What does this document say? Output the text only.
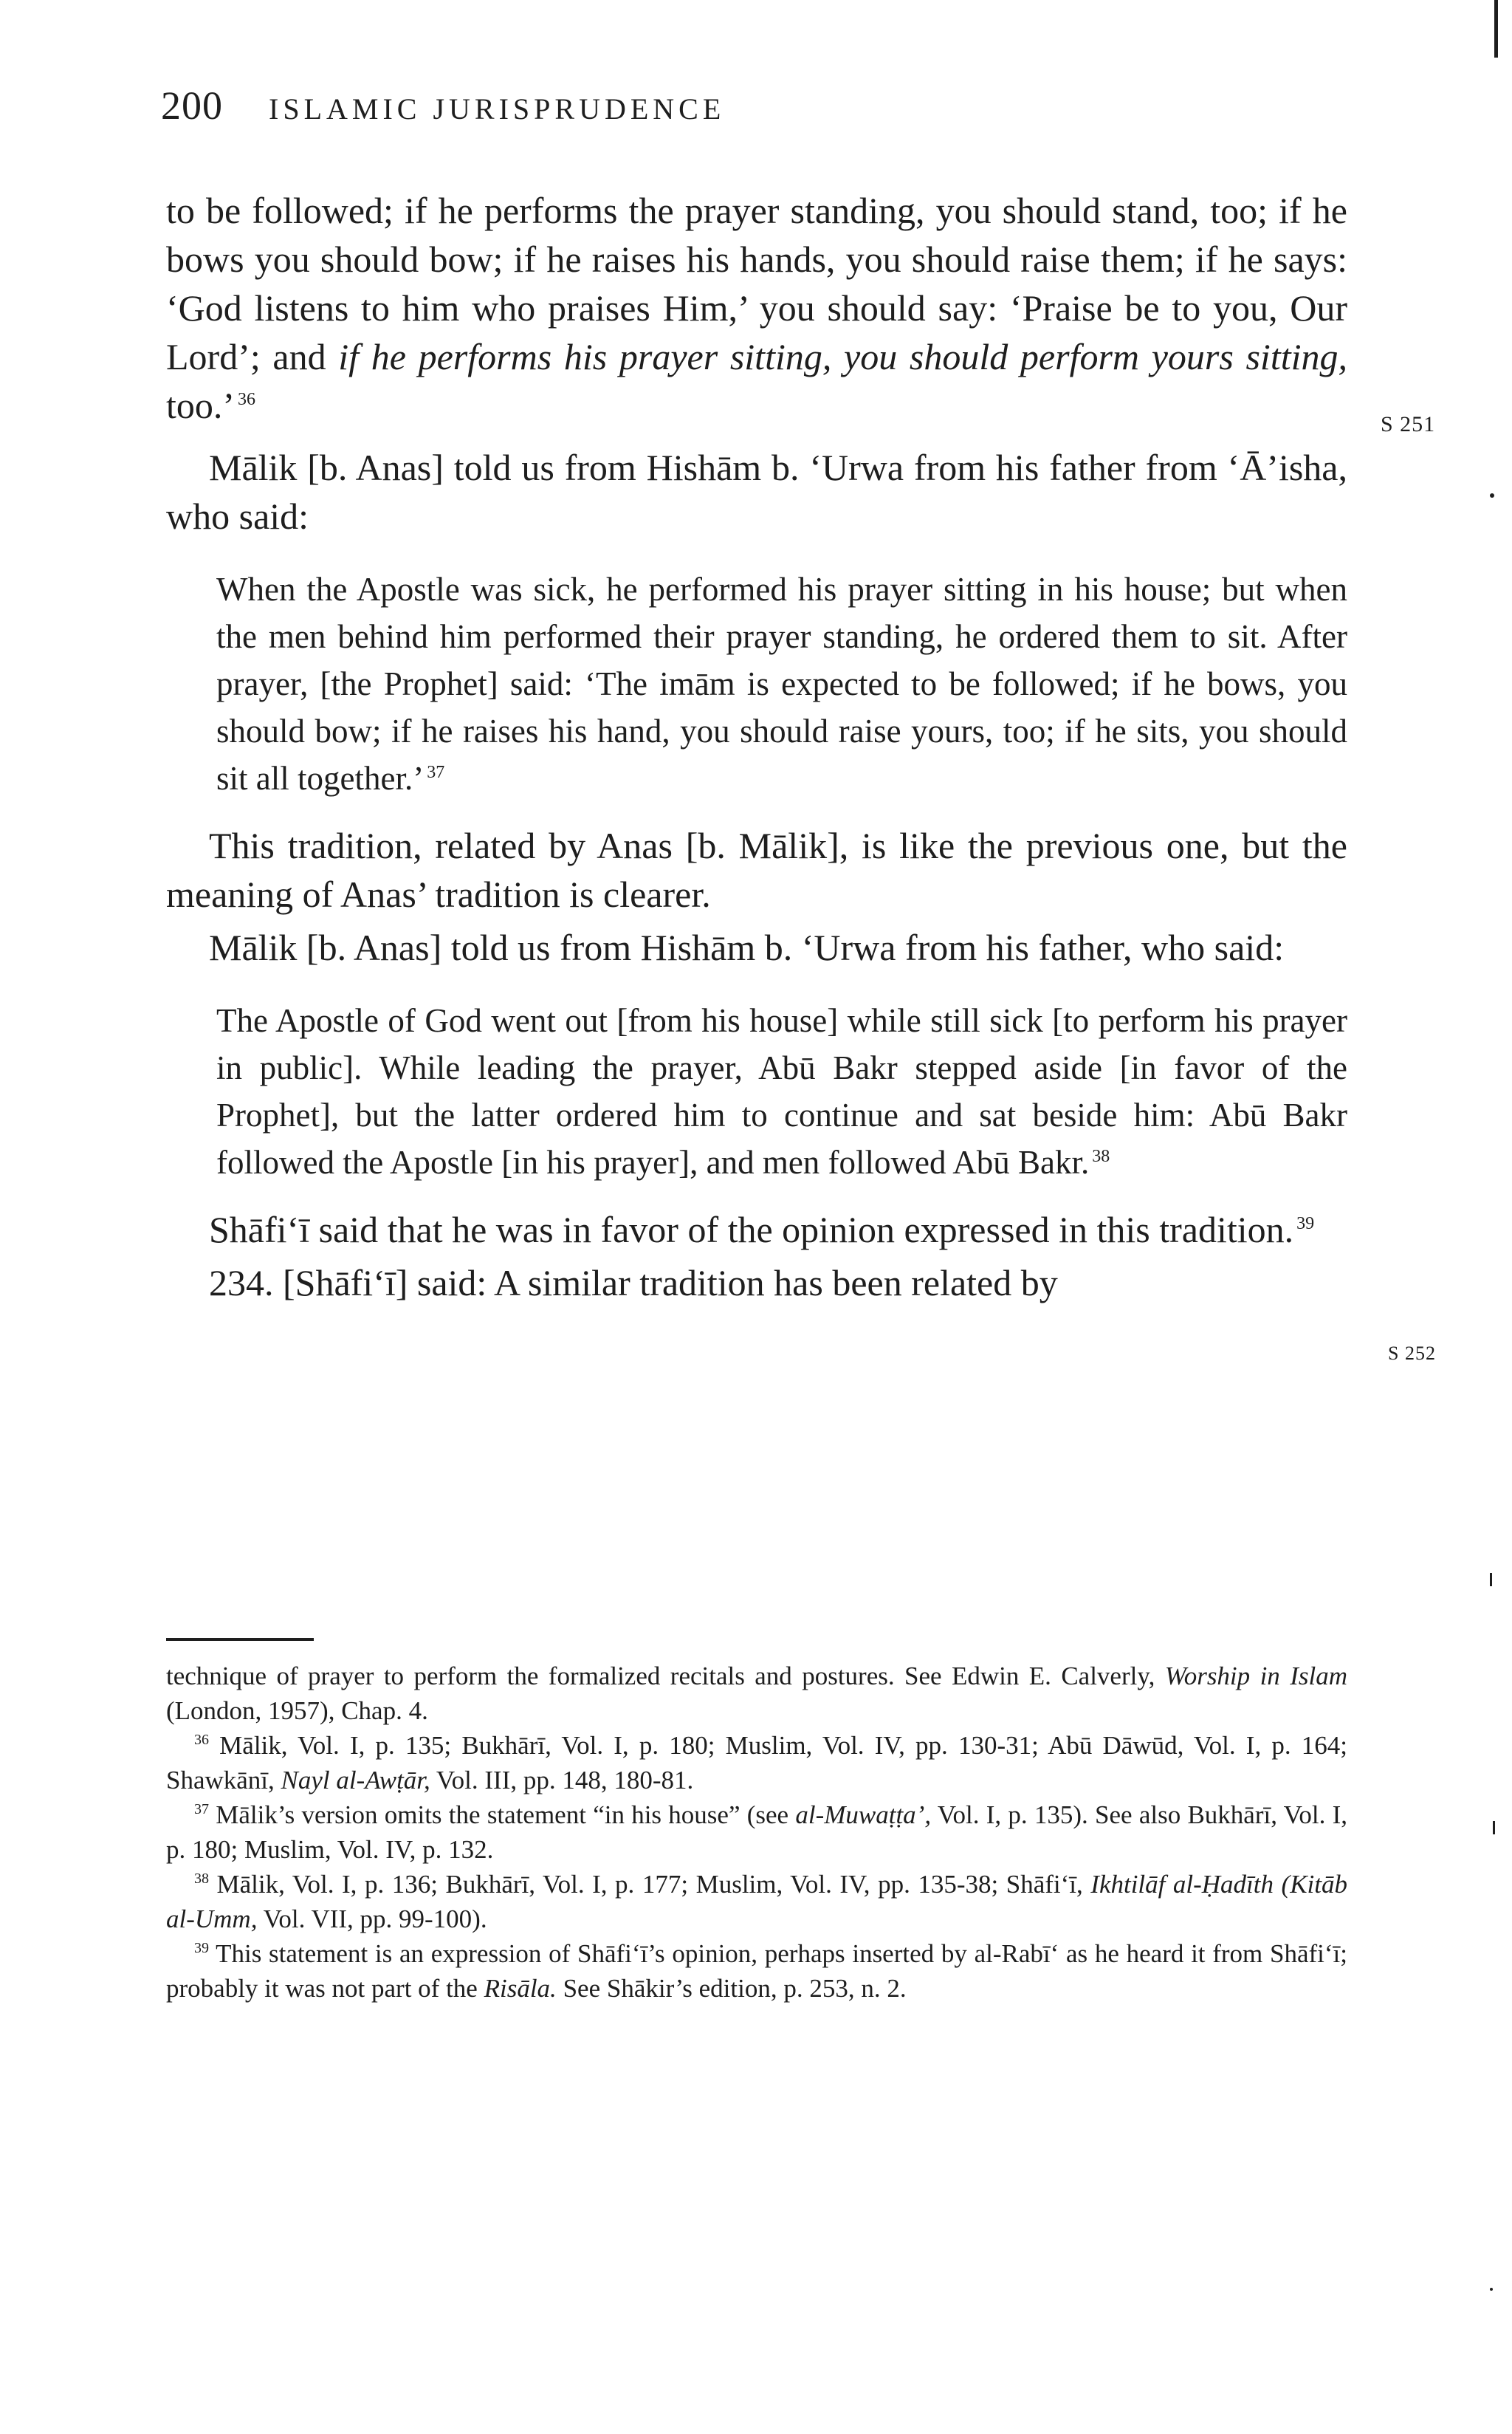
200 ISLAMIC JURISPRUDENCE

to be followed; if he performs the prayer standing, you should stand, too; if he bows you should bow; if he raises his hands, you should raise them; if he says: ‘God listens to him who praises Him,’ you should say: ‘Praise be to you, Our Lord’; and if he performs his prayer sitting, you should perform yours sitting, too.’ $^{36}$

Mālik [b. Anas] told us from Hishām b. ‘Urwa from his father from ‘Ā’isha, who said:

When the Apostle was sick, he performed his prayer sitting in his house; but when the men behind him performed their prayer standing, he ordered them to sit. After prayer, [the Prophet] said: ‘The imām is expected to be followed; if he bows, you should bow; if he raises his hand, you should raise yours, too; if he sits, you should sit all together.’ $^{37}$

This tradition, related by Anas [b. Mālik], is like the previous one, but the meaning of Anas’ tradition is clearer.

Mālik [b. Anas] told us from Hishām b. ‘Urwa from his father, who said:

The Apostle of God went out [from his house] while still sick [to perform his prayer in public]. While leading the prayer, Abū Bakr stepped aside [in favor of the Prophet], but the latter ordered him to continue and sat beside him: Abū Bakr followed the Apostle [in his prayer], and men followed Abū Bakr. $^{38}$

Shāfi‘ī said that he was in favor of the opinion expressed in this tradition. $^{39}$

234. [Shāfi‘ī] said: A similar tradition has been related by

technique of prayer to perform the formalized recitals and postures. See Edwin E. Calverly, Worship in Islam (London, 1957), Chap. 4.

$^{36}$ Mālik, Vol. I, p. 135; Bukhārī, Vol. I, p. 180; Muslim, Vol. IV, pp. 130-31; Abū Dāwūd, Vol. I, p. 164; Shawkānī, Nayl al-Awṭār, Vol. III, pp. 148, 180-81.

$^{37}$ Mālik’s version omits the statement “in his house” (see al-Muwaṭṭa’, Vol. I, p. 135). See also Bukhārī, Vol. I, p. 180; Muslim, Vol. IV, p. 132.

$^{38}$ Mālik, Vol. I, p. 136; Bukhārī, Vol. I, p. 177; Muslim, Vol. IV, pp. 135-38; Shāfi‘ī, Ikhtilāf al-Ḥadīth (Kitāb al-Umm, Vol. VII, pp. 99-100).

$^{39}$ This statement is an expression of Shāfi‘ī’s opinion, perhaps inserted by al-Rabī‘ as he heard it from Shāfi‘ī; probably it was not part of the Risāla. See Shākir’s edition, p. 253, n. 2.

S 251
S 252
